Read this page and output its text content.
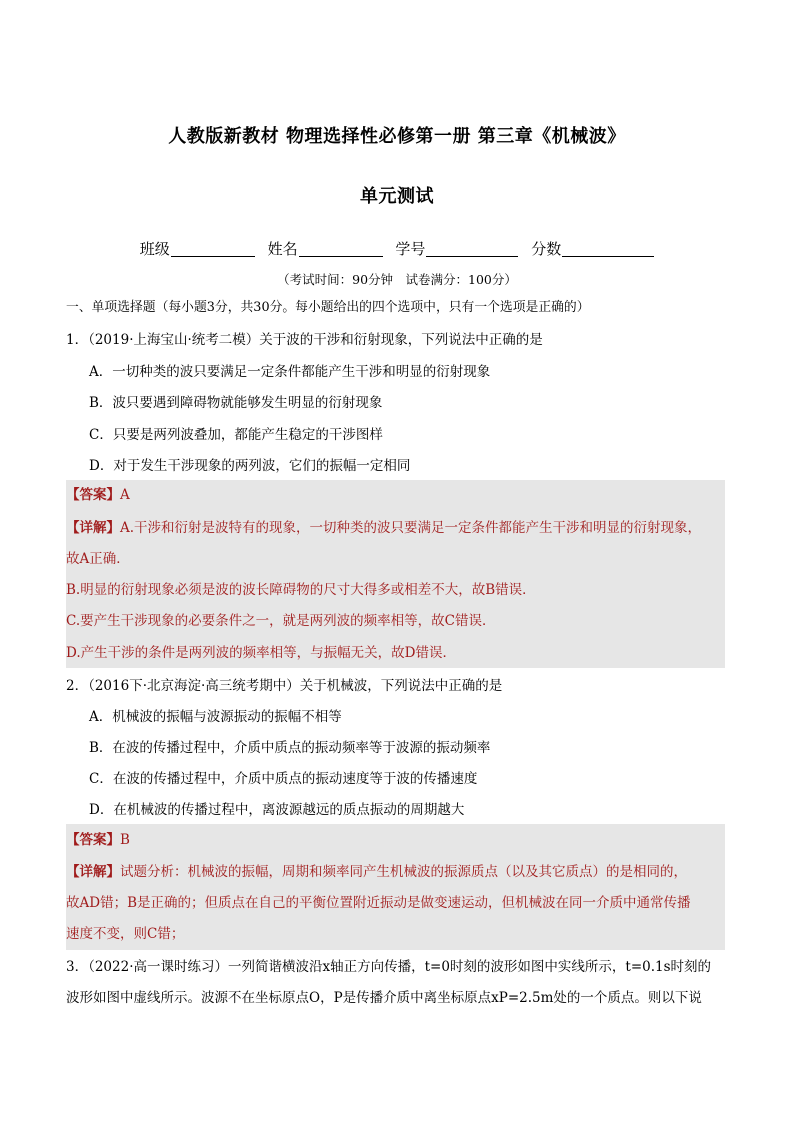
人教版新教材 物理选择性必修第一册 第三章《机械波》
单元测试
班级	姓名	学号	分数
（考试时间：90分钟　试卷满分：100分）
一、单项选择题（每小题3分，共30分。每小题给出的四个选项中，只有一个选项是正确的）
1．（2019·上海宝山·统考二模）关于波的干涉和衍射现象，下列说法中正确的是
A．一切种类的波只要满足一定条件都能产生干涉和明显的衍射现象
B．波只要遇到障碍物就能够发生明显的衍射现象
C．只要是两列波叠加，都能产生稳定的干涉图样
D．对于发生干涉现象的两列波，它们的振幅一定相同
【答案】A
【详解】A.干涉和衍射是波特有的现象，一切种类的波只要满足一定条件都能产生干涉和明显的衍射现象，
故A正确．
B.明显的衍射现象必须是波的波长障碍物的尺寸大得多或相差不大，故B错误．
C.要产生干涉现象的必要条件之一，就是两列波的频率相等，故C错误．
D.产生干涉的条件是两列波的频率相等，与振幅无关，故D错误．
2．（2016下·北京海淀·高三统考期中）关于机械波，下列说法中正确的是
A．机械波的振幅与波源振动的振幅不相等
B．在波的传播过程中，介质中质点的振动频率等于波源的振动频率
C．在波的传播过程中，介质中质点的振动速度等于波的传播速度
D．在机械波的传播过程中，离波源越远的质点振动的周期越大
【答案】B
【详解】试题分析：机械波的振幅，周期和频率同产生机械波的振源质点（以及其它质点）的是相同的，
故AD错；B是正确的；但质点在自己的平衡位置附近振动是做变速运动，但机械波在同一介质中通常传播
速度不变，则C错；
3．（2022·高一课时练习）一列简谐横波沿x轴正方向传播，t=0时刻的波形如图中实线所示，t=0.1s时刻的
波形如图中虚线所示。波源不在坐标原点O，P是传播介质中离坐标原点xP=2.5m处的一个质点。则以下说
